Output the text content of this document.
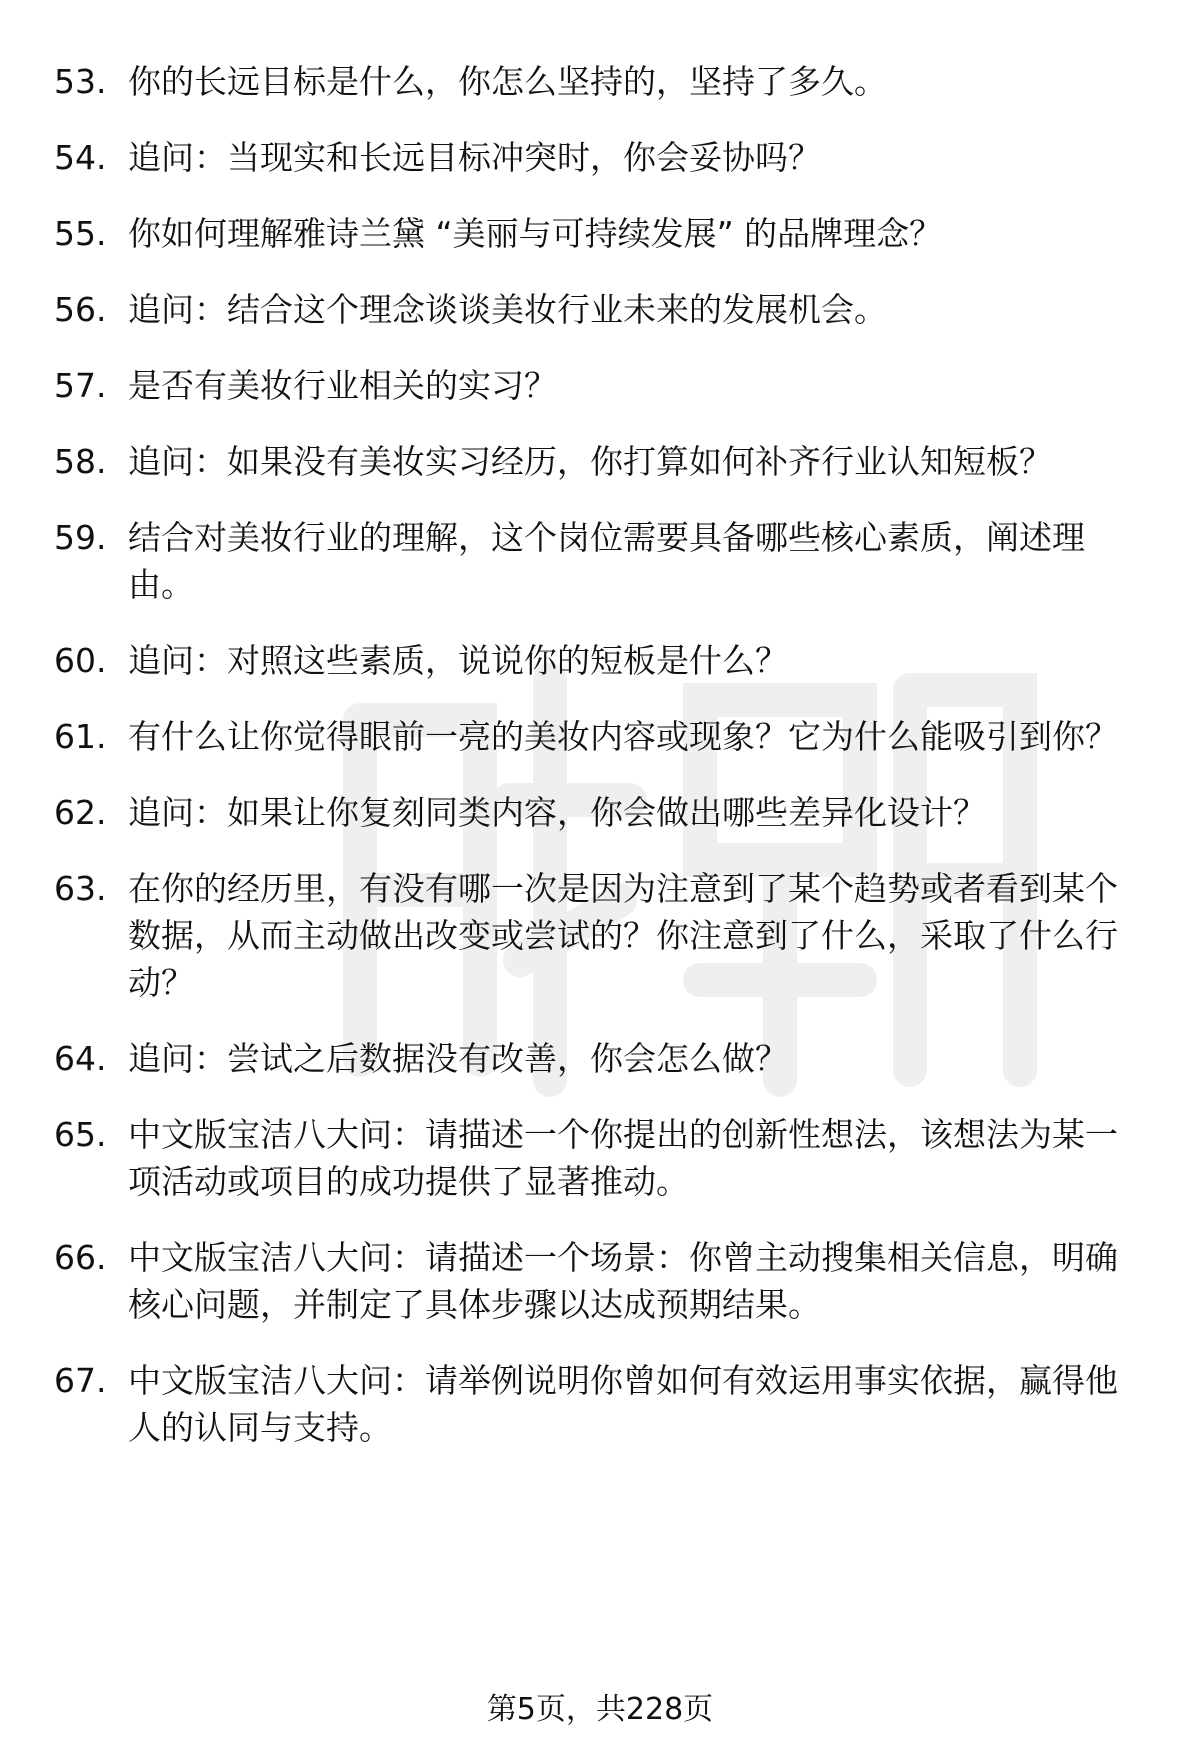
53. 你的长远目标是什么，你怎么坚持的，坚持了多久。
54. 追问：当现实和长远目标冲突时，你会妥协吗？
55. 你如何理解雅诗兰黛 “美丽与可持续发展” 的品牌理念？
56. 追问：结合这个理念谈谈美妆行业未来的发展机会。
57. 是否有美妆行业相关的实习？
58. 追问：如果没有美妆实习经历，你打算如何补齐行业认知短板？
59. 结合对美妆行业的理解，这个岗位需要具备哪些核心素质，阐述理由。
60. 追问：对照这些素质，说说你的短板是什么？
61. 有什么让你觉得眼前一亮的美妆内容或现象？它为什么能吸引到你？
62. 追问：如果让你复刻同类内容，你会做出哪些差异化设计？
63. 在你的经历里，有没有哪一次是因为注意到了某个趋势或者看到某个数据，从而主动做出改变或尝试的？你注意到了什么，采取了什么行动？
64. 追问：尝试之后数据没有改善，你会怎么做？
65. 中文版宝洁八大问：请描述一个你提出的创新性想法，该想法为某一项活动或项目的成功提供了显著推动。
66. 中文版宝洁八大问：请描述一个场景：你曾主动搜集相关信息，明确核心问题，并制定了具体步骤以达成预期结果。
67. 中文版宝洁八大问：请举例说明你曾如何有效运用事实依据，赢得他人的认同与支持。
第5页，共228页
